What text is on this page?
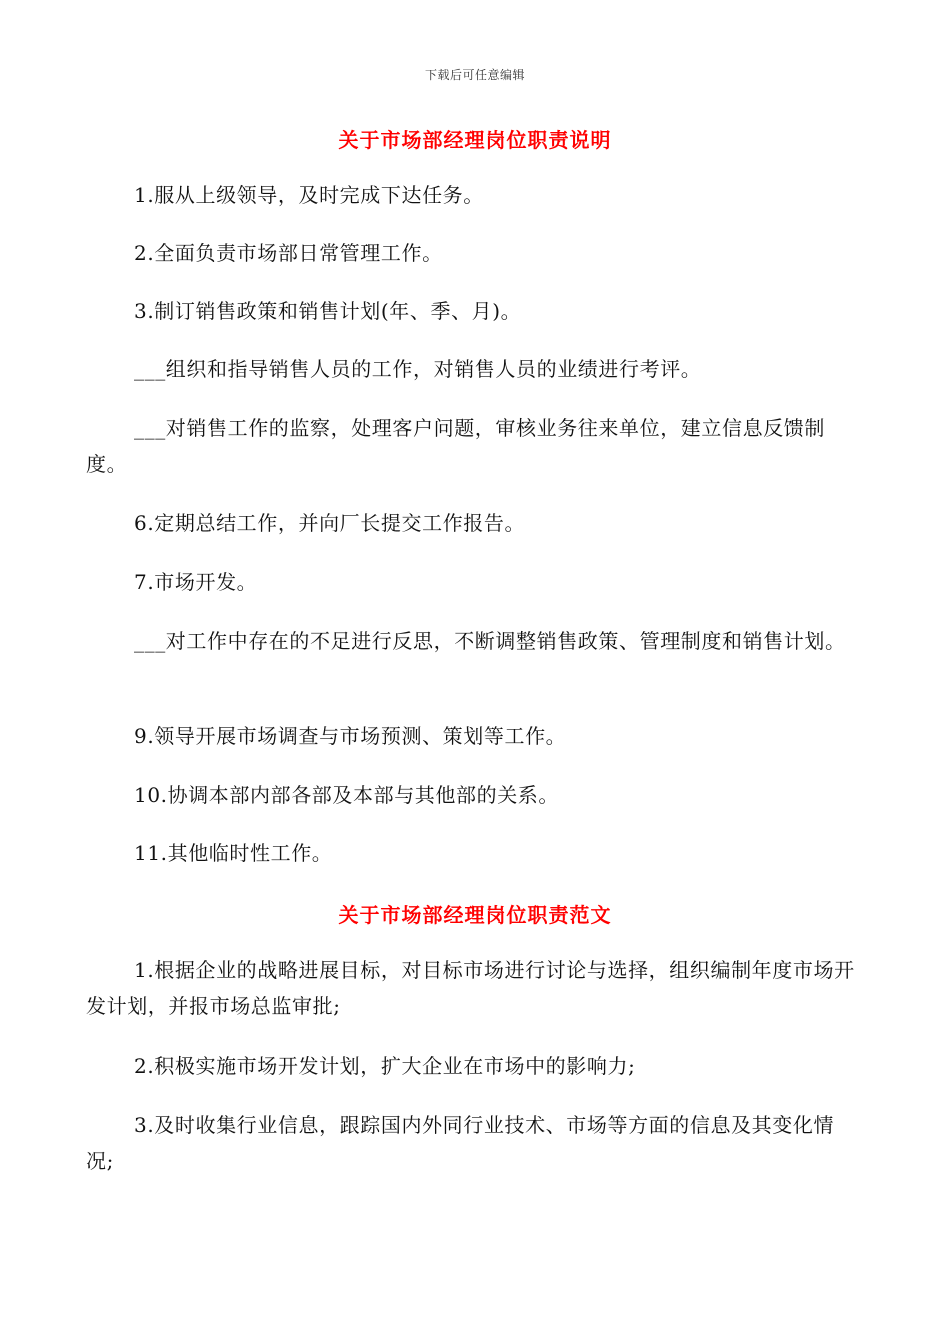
下载后可任意编辑
关于市场部经理岗位职责说明
1.服从上级领导，及时完成下达任务。
2.全面负责市场部日常管理工作。
3.制订销售政策和销售计划(年、季、月)。
___组织和指导销售人员的工作，对销售人员的业绩进行考评。
___对销售工作的监察，处理客户问题，审核业务往来单位，建立信息反馈制度。
6.定期总结工作，并向厂长提交工作报告。
7.市场开发。
___对工作中存在的不足进行反思，不断调整销售政策、管理制度和销售计划。
9.领导开展市场调查与市场预测、策划等工作。
10.协调本部内部各部及本部与其他部的关系。
11.其他临时性工作。
关于市场部经理岗位职责范文
1.根据企业的战略进展目标，对目标市场进行讨论与选择，组织编制年度市场开发计划，并报市场总监审批;
2.积极实施市场开发计划，扩大企业在市场中的影响力;
3.及时收集行业信息，跟踪国内外同行业技术、市场等方面的信息及其变化情况;
